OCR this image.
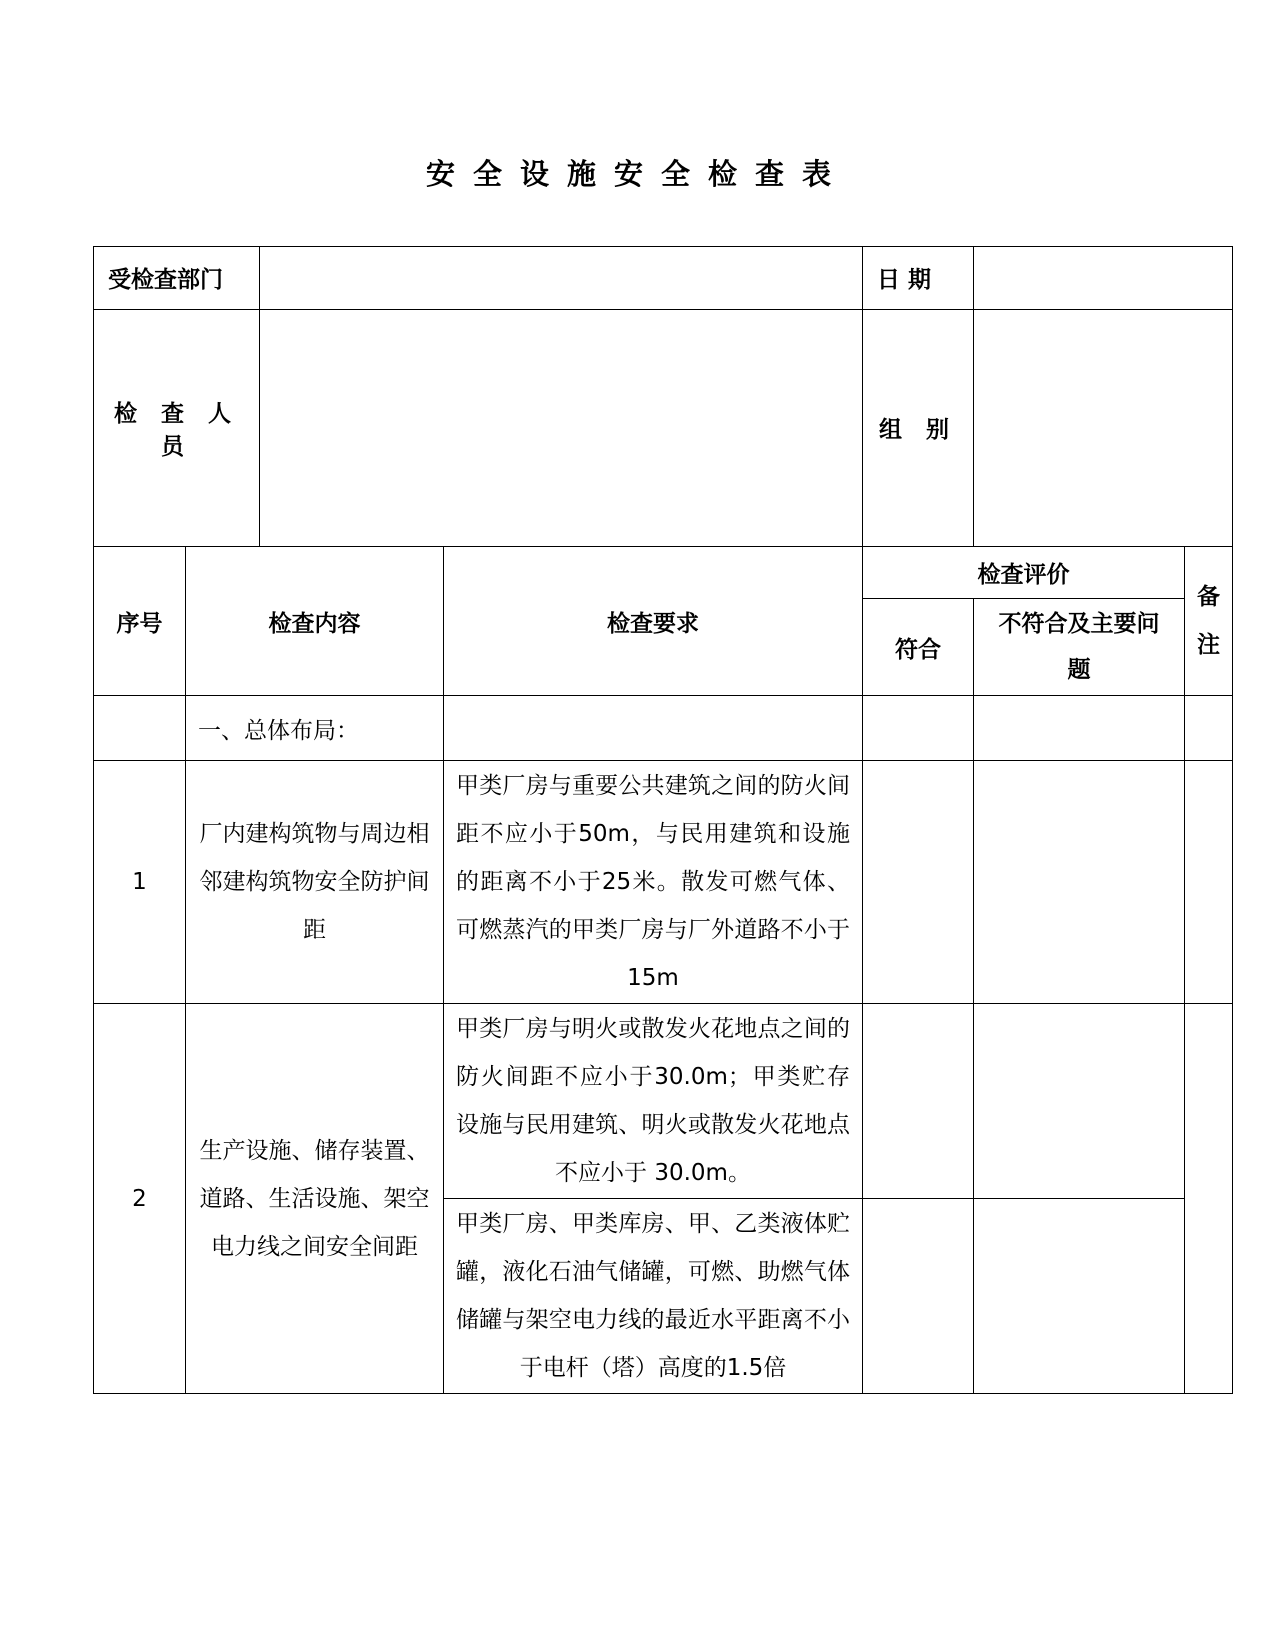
安全设施安全检查表
受检查部门				日 期		
检 查 人 员				组 别		
序号	检查内容		检查要求	检查评价		备注
				符合	不符合及主要问题	
	一、总体布局：					
1	厂内建构筑物与周边相邻建构筑物安全防护间距		甲类厂房与重要公共建筑之间的防火间距不应小于50m，与民用建筑和设施的距离不小于25米。散发可燃气体、可燃蒸汽的甲类厂房与厂外道路不小于15m			
2	生产设施、储存装置、道路、生活设施、架空电力线之间安全间距		甲类厂房与明火或散发火花地点之间的防火间距不应小于30.0m；甲类贮存设施与民用建筑、明火或散发火花地点不应小于 30.0m。			
			甲类厂房、甲类库房、甲、乙类液体贮罐，液化石油气储罐，可燃、助燃气体储罐与架空电力线的最近水平距离不小于电杆（塔）高度的1.5倍			
